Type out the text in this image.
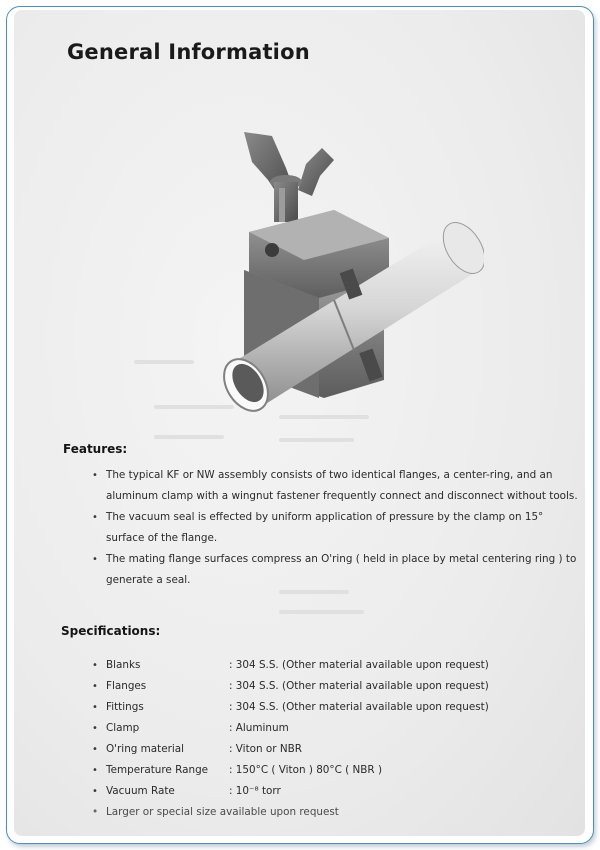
General Information
Features:
• The typical KF or NW assembly consists of two identical flanges, a center-ring, and an aluminum clamp with a wingnut fastener frequently connect and disconnect without tools.
• The vacuum seal is effected by uniform application of pressure by the clamp on 15° surface of the flange.
• The mating flange surfaces compress an O'ring ( held in place by metal centering ring ) to generate a seal.
Specifications:
• Blanks	: 304 S.S. (Other material available upon request)
• Flanges	: 304 S.S. (Other material available upon request)
• Fittings	: 304 S.S. (Other material available upon request)
• Clamp	: Aluminum
• O'ring material	: Viton or NBR
• Temperature Range : 150°C ( Viton ) 80°C ( NBR )
• Vacuum Rate	: 10⁻⁸ torr
• Larger or special size available upon request
